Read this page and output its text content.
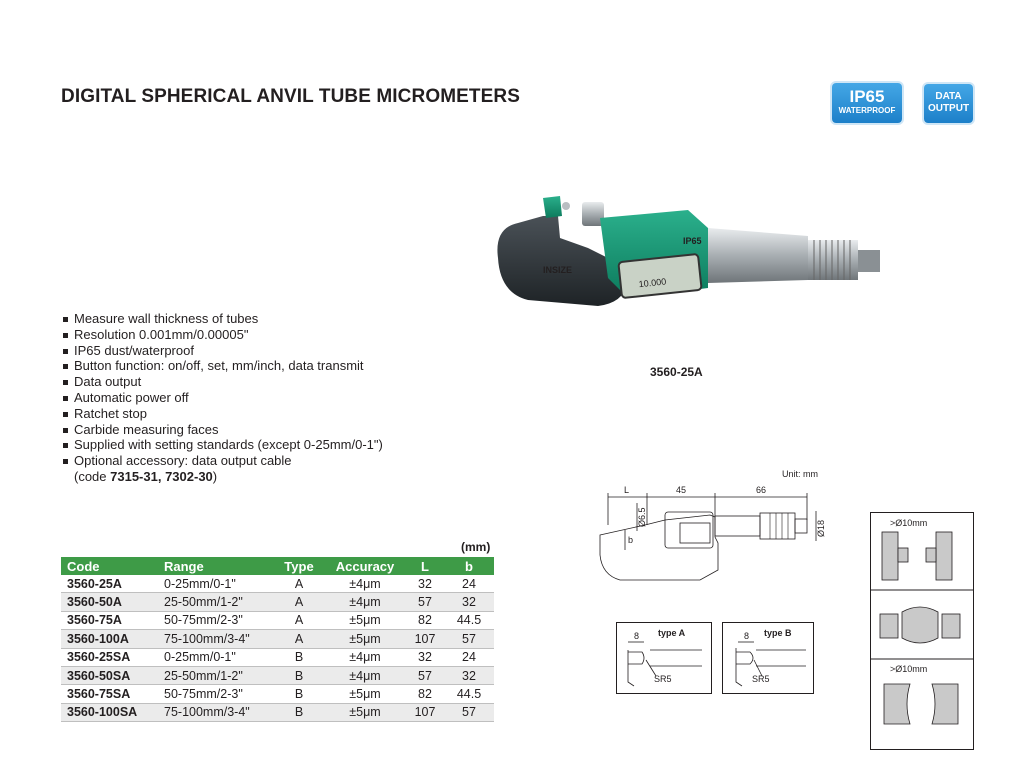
DIGITAL SPHERICAL ANVIL TUBE MICROMETERS	IP65
WATERPROOF
DATA
OUTPUT
10.000
IP65
INSIZE
3560-25A
Measure wall thickness of tubes
Resolution 0.001mm/0.00005"
IP65 dust/waterproof
Button function: on/off, set, mm/inch, data transmit
Data output
Automatic power off
Ratchet stop
Carbide measuring faces
Supplied with setting standards (except 0-25mm/0-1")
Optional accessory: data output cable
(code 7315-31, 7302-30)
(mm)
Code	Range	Type	Accuracy	L	b
3560-25A	0-25mm/0-1"	A	±4μm	32	24
3560-50A	25-50mm/1-2"	A	±4μm	57	32
3560-75A	50-75mm/2-3"	A	±5μm	82	44.5
3560-100A	75-100mm/3-4"	A	±5μm	107	57
3560-25SA	0-25mm/0-1"	B	±4μm	32	24
3560-50SA	25-50mm/1-2"	B	±4μm	57	32
3560-75SA	50-75mm/2-3"	B	±5μm	82	44.5
3560-100SA	75-100mm/3-4"	B	±5μm	107	57
Unit: mm
L	45	66
Ø6.5
Ø18
b
type A
8
SR5
type B
8
SR5
>Ø10mm
>Ø10mm
